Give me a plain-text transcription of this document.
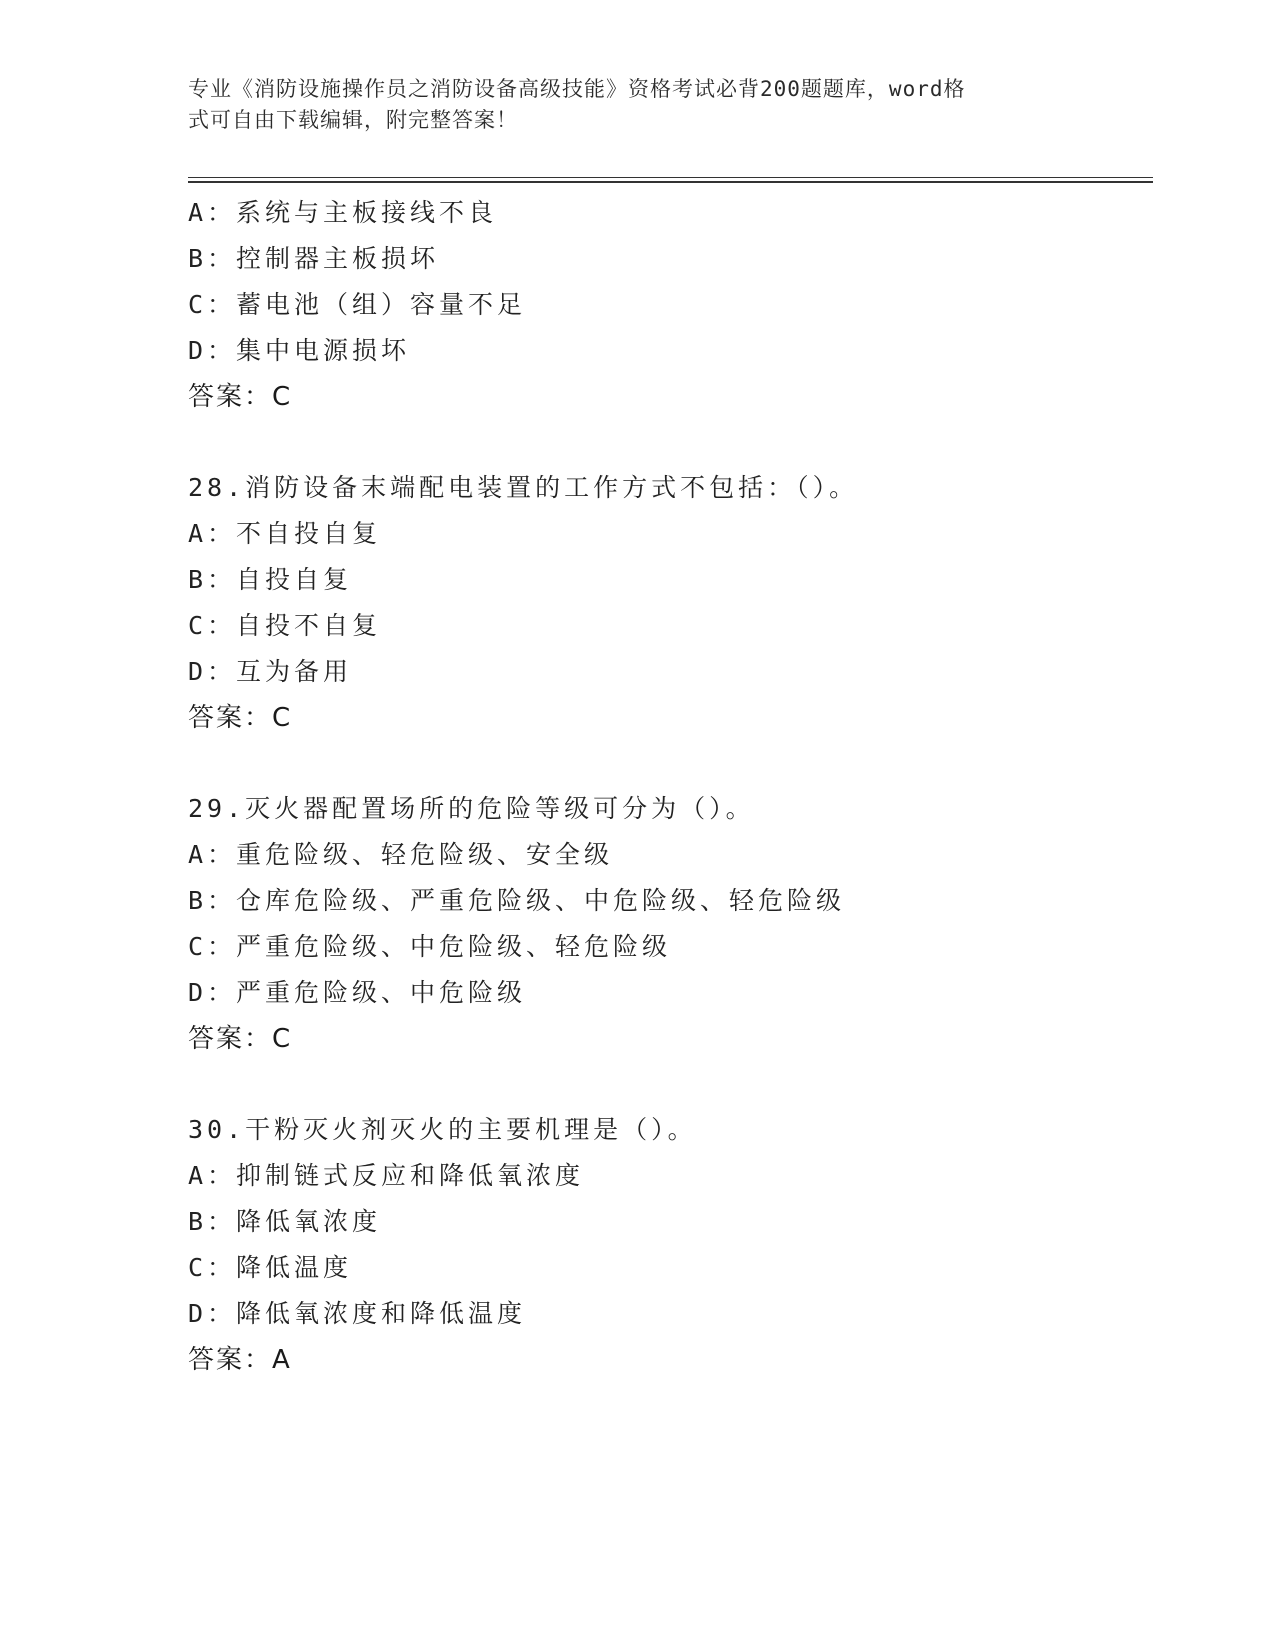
专业《消防设施操作员之消防设备高级技能》资格考试必背200题题库，word格
式可自由下载编辑，附完整答案！
A：系统与主板接线不良
B：控制器主板损坏
C：蓄电池（组）容量不足
D：集中电源损坏
答案：C
28.消防设备末端配电装置的工作方式不包括：（）。
A：不自投自复
B：自投自复
C：自投不自复
D：互为备用
答案：C
29.灭火器配置场所的危险等级可分为（）。
A：重危险级、轻危险级、安全级
B：仓库危险级、严重危险级、中危险级、轻危险级
C：严重危险级、中危险级、轻危险级
D：严重危险级、中危险级
答案：C
30.干粉灭火剂灭火的主要机理是（）。
A：抑制链式反应和降低氧浓度
B：降低氧浓度
C：降低温度
D：降低氧浓度和降低温度
答案：A
